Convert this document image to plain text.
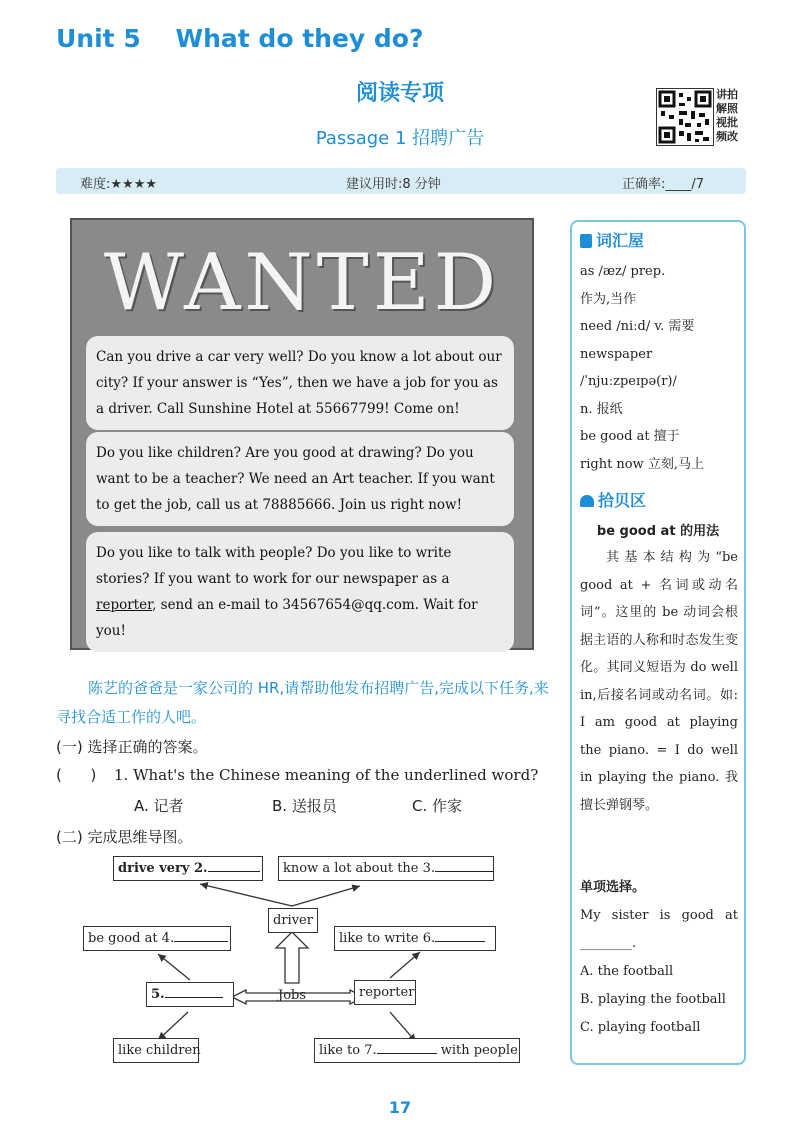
Unit 5    What do they do?
阅读专项
Passage 1 招聘广告
讲拍解照视批频改
难度:★★★★	建议用时:8 分钟	正确率:____/7
WANTED
Can you drive a car very well? Do you know a lot about our city? If your answer is “Yes”, then we have a job for you as a driver. Call Sunshine Hotel at 55667799! Come on!
Do you like children? Are you good at drawing? Do you want to be a teacher? We need an Art teacher. If you want to get the job, call us at 78885666. Join us right now!
Do you like to talk with people? Do you like to write stories? If you want to work for our newspaper as a reporter, send an e-mail to 34567654@qq.com. Wait for you!
陈艺的爸爸是一家公司的 HR,请帮助他发布招聘广告,完成以下任务,来寻找合适工作的人吧。
(一) 选择正确的答案。
(      ) 1. What's the Chinese meaning of the underlined word?
A. 记者	B. 送报员	C. 作家
(二) 完成思维导图。
drive very 2.	know a lot about the 3.
driver
be good at 4.	like to write 6.
5.	Jobs	reporter
like children	like to 7.	with people
词汇屋
as /æz/ prep.
作为,当作
need /niːd/ v. 需要
newspaper
/ˈnjuːzpeɪpə(r)/
n. 报纸
be good at 擅于
right now 立刻,马上
拾贝区
be good at 的用法
其基本结构为“be good at + 名词或动名词”。这里的 be 动词会根据主语的人称和时态发生变化。其同义短语为 do well in,后接名词或动名词。如: I am good at playing the piano. = I do well in playing the piano. 我擅长弹钢琴。
单项选择。
My sister is good at ________.
A. the football
B. playing the football
C. playing football
17
